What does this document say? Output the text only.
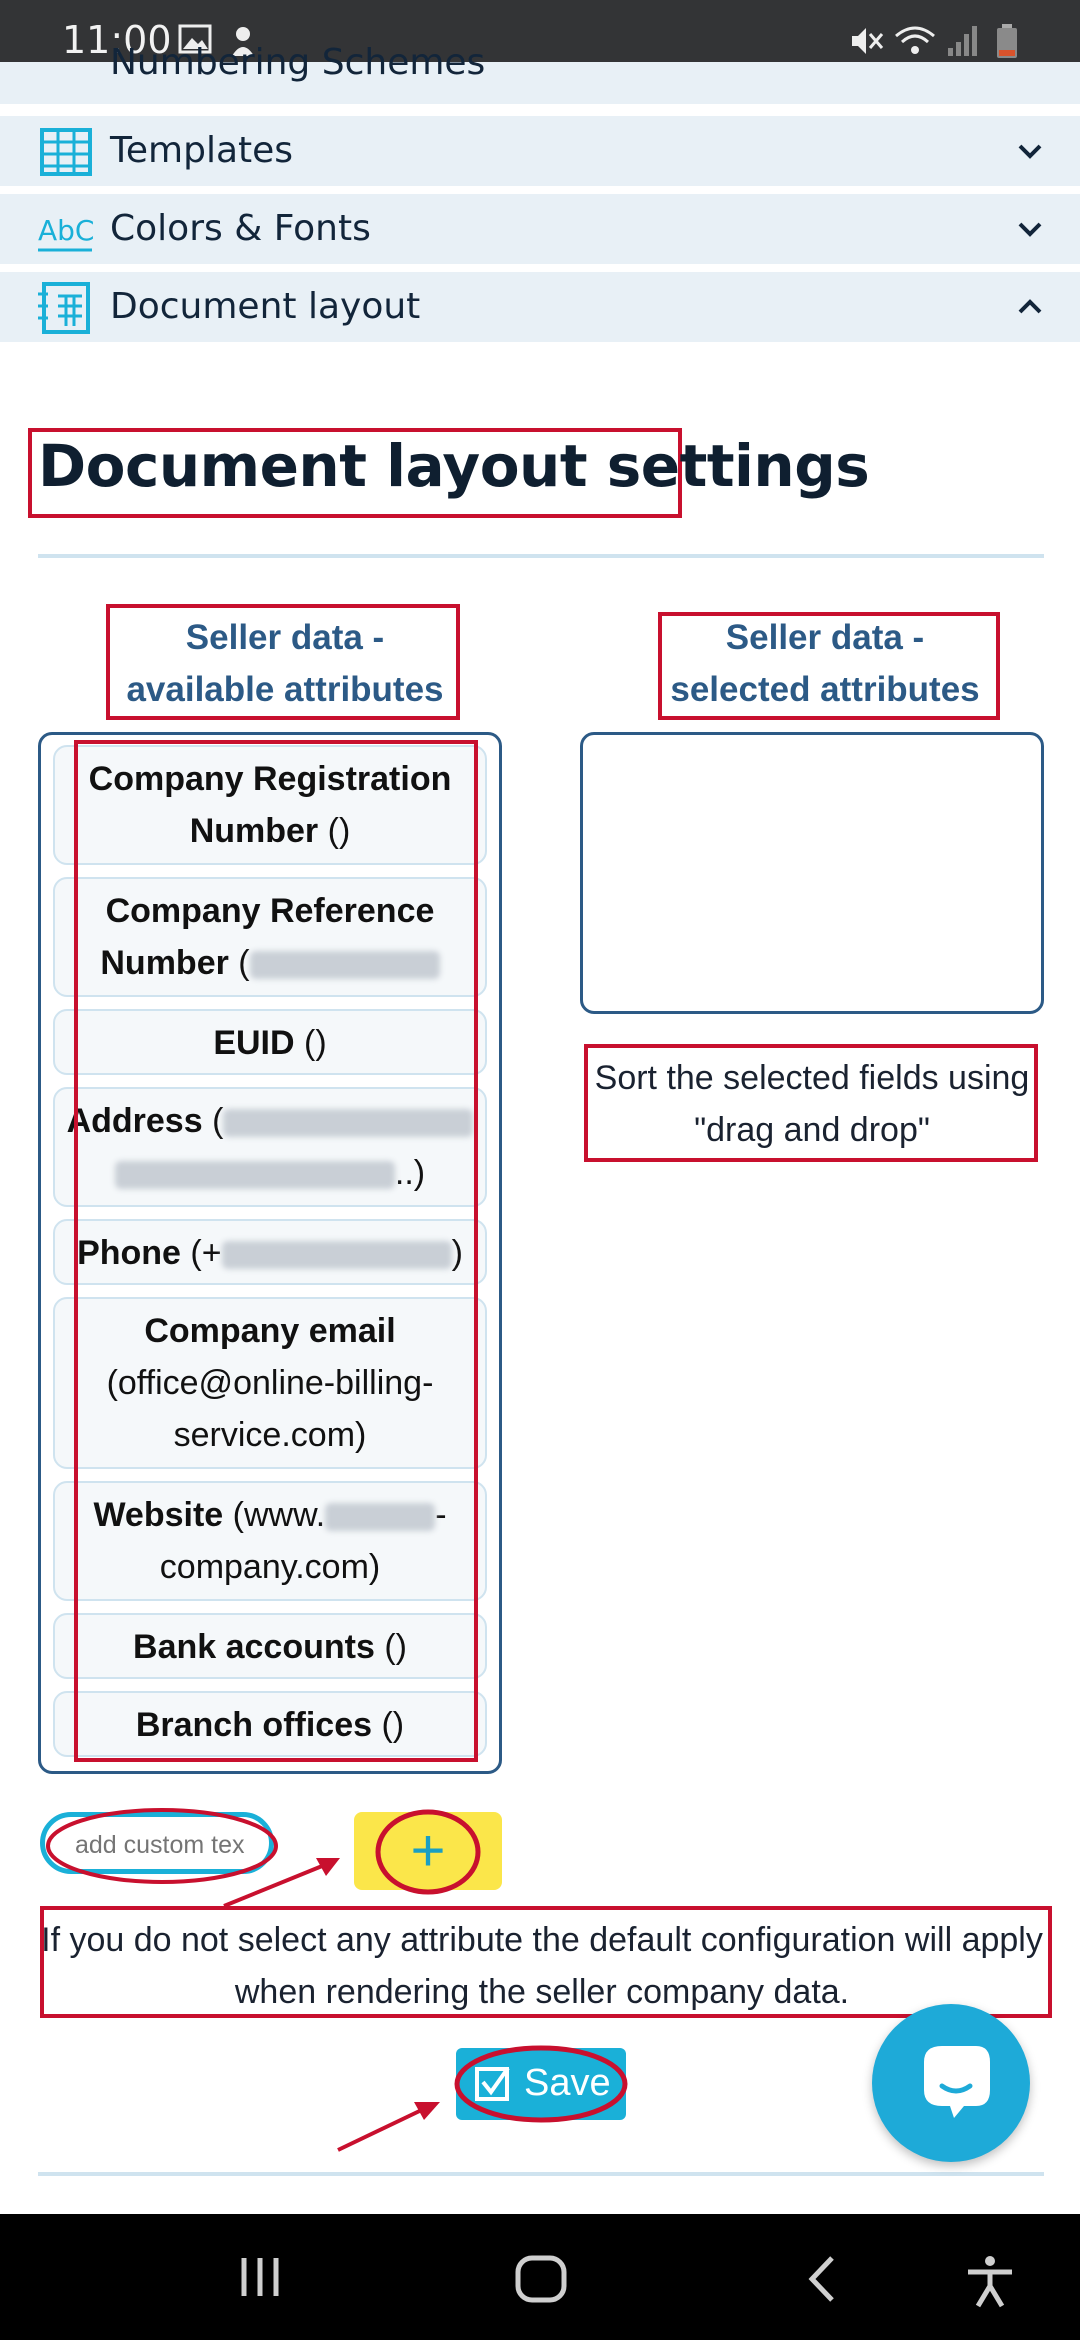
11:00
Numbering Schemes
Templates
AbC Colors & Fonts
Document layout
Document layout settings
Seller data - available attributes
Seller data - selected attributes
Company Registration Number ()
Company Reference Number (
EUID ()
Address ( ..)
Phone (+	)
Company email
(office@online-billing-service.com)
Website (www.	- company.com)
Bank accounts ()
Branch offices ()
Sort the selected fields using "drag and drop"
add custom tex
+
If you do not select any attribute the default configuration will apply when rendering the seller company data.
Save
